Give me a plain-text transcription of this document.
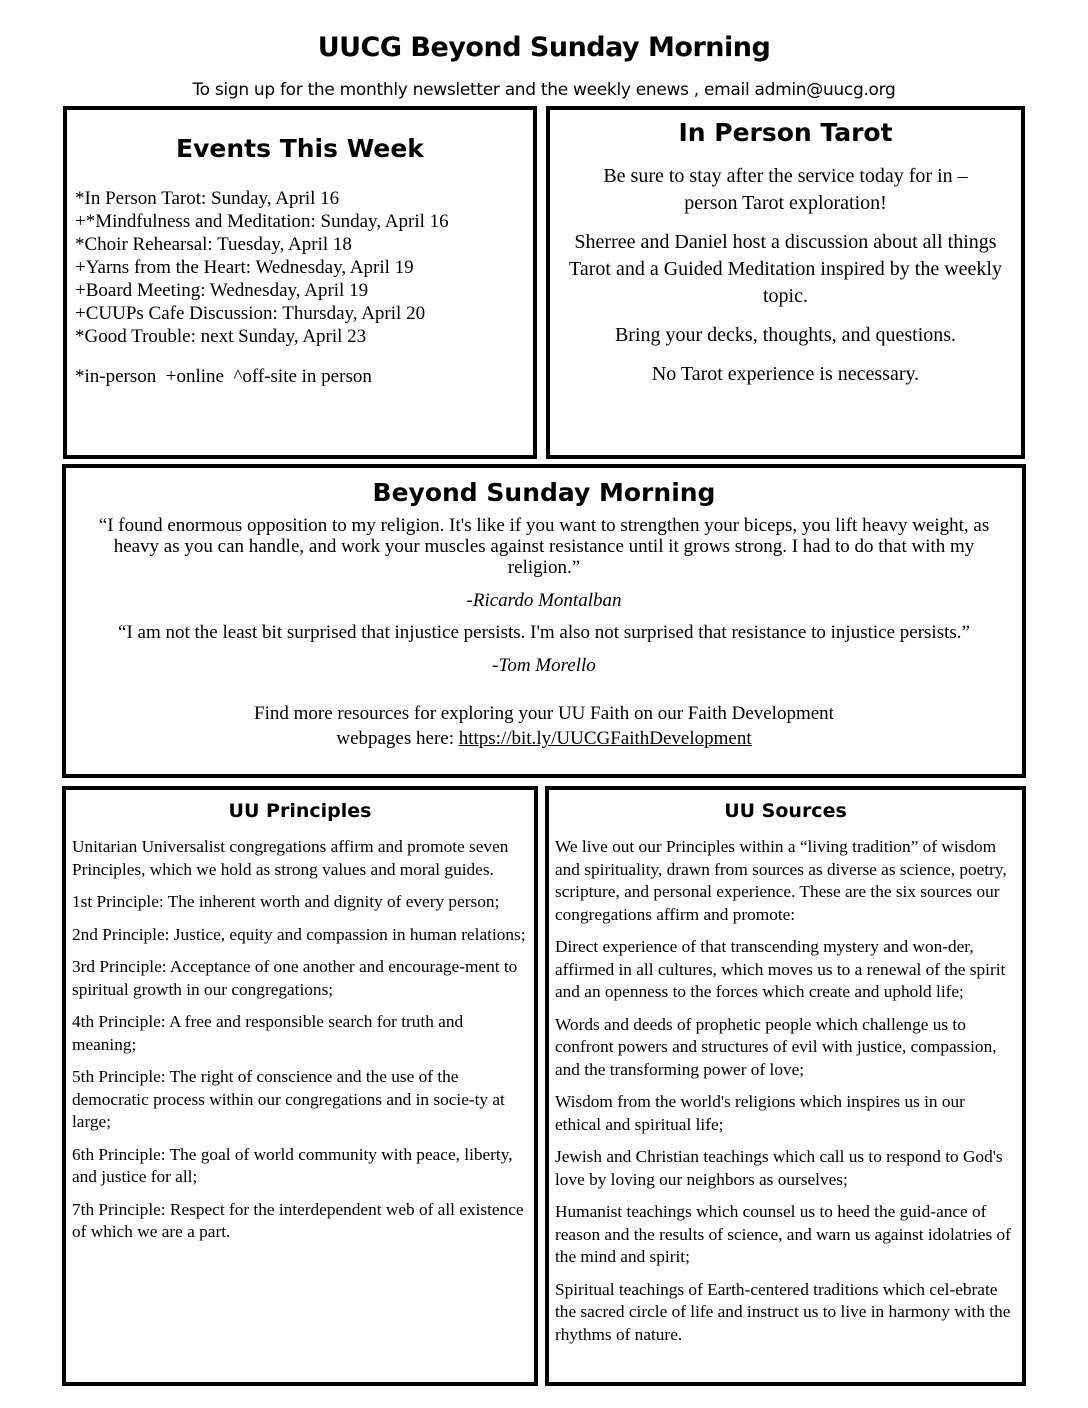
UUCG Beyond Sunday Morning
To sign up for the monthly newsletter and the weekly enews , email admin@uucg.org
Events This Week
*In Person Tarot: Sunday, April 16
+*Mindfulness and Meditation: Sunday, April 16
*Choir Rehearsal: Tuesday, April 18
+Yarns from the Heart: Wednesday, April 19
+Board Meeting: Wednesday, April 19
+CUUPs Cafe Discussion: Thursday, April 20
*Good Trouble: next Sunday, April 23
*in-person  +online  ^off-site in person
In Person Tarot
Be sure to stay after the service today for in –person Tarot exploration!
Sherree and Daniel host a discussion about all things Tarot and a Guided Meditation inspired by the weekly topic.
Bring your decks, thoughts, and questions.
No Tarot experience is necessary.
Beyond Sunday Morning
“I found enormous opposition to my religion. It's like if you want to strengthen your biceps, you lift heavy weight, as heavy as you can handle, and work your muscles against resistance until it grows strong. I had to do that with my religion.”
-Ricardo Montalban
“I am not the least bit surprised that injustice persists. I'm also not surprised that resistance to injustice persists.”
-Tom Morello
Find more resources for exploring your UU Faith on our Faith Development
webpages here: https://bit.ly/UUCGFaithDevelopment
UU Principles
Unitarian Universalist congregations affirm and promote seven Principles, which we hold as strong values and moral guides.
1st Principle: The inherent worth and dignity of every person;
2nd Principle: Justice, equity and compassion in human relations;
3rd Principle: Acceptance of one another and encourage-ment to spiritual growth in our congregations;
4th Principle: A free and responsible search for truth and meaning;
5th Principle: The right of conscience and the use of the democratic process within our congregations and in socie-ty at large;
6th Principle: The goal of world community with peace, liberty, and justice for all;
7th Principle: Respect for the interdependent web of all existence of which we are a part.
UU Sources
We live out our Principles within a “living tradition” of wisdom and spirituality, drawn from sources as diverse as science, poetry, scripture, and personal experience. These are the six sources our congregations affirm and promote:
Direct experience of that transcending mystery and won-der, affirmed in all cultures, which moves us to a renewal of the spirit and an openness to the forces which create and uphold life;
Words and deeds of prophetic people which challenge us to confront powers and structures of evil with justice, compassion, and the transforming power of love;
Wisdom from the world's religions which inspires us in our ethical and spiritual life;
Jewish and Christian teachings which call us to respond to God's love by loving our neighbors as ourselves;
Humanist teachings which counsel us to heed the guid-ance of reason and the results of science, and warn us against idolatries of the mind and spirit;
Spiritual teachings of Earth-centered traditions which cel-ebrate the sacred circle of life and instruct us to live in harmony with the rhythms of nature.
